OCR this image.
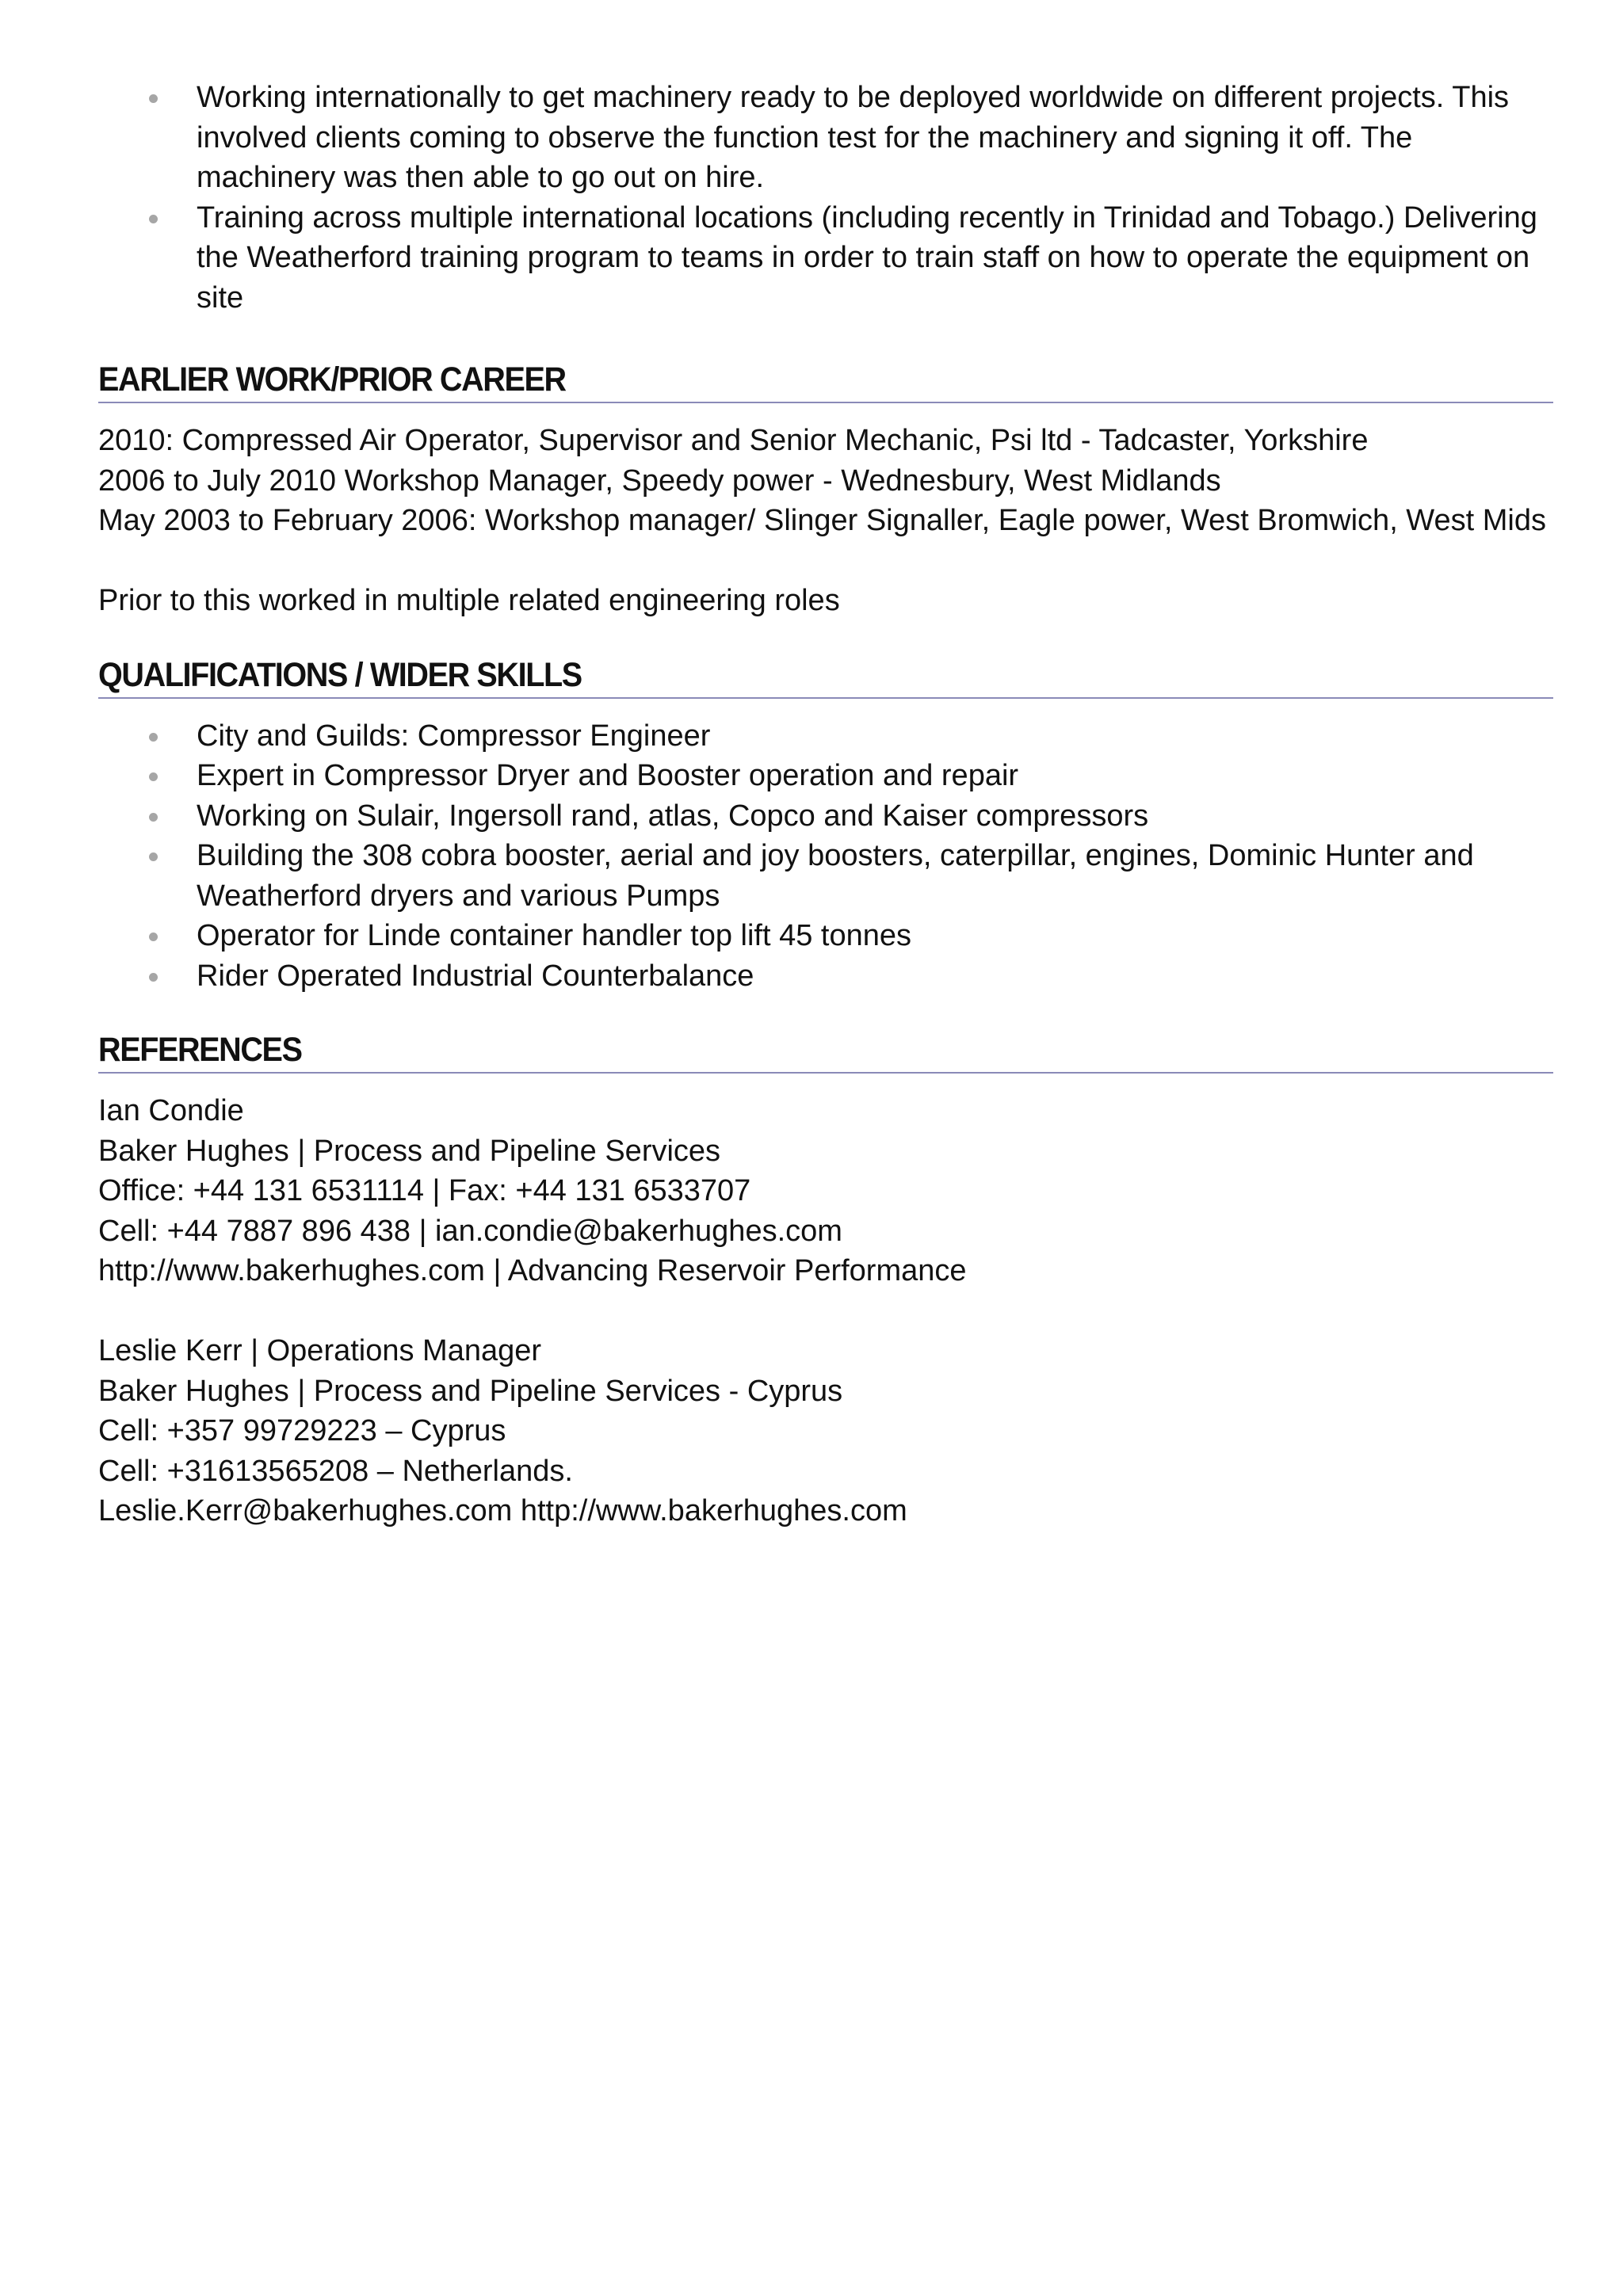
Working internationally to get machinery ready to be deployed worldwide on different projects. This involved clients coming to observe the function test for the machinery and signing it off. The machinery was then able to go out on hire.
Training across multiple international locations (including recently in Trinidad and Tobago.) Delivering the Weatherford training program to teams in order to train staff on how to operate the equipment on site
EARLIER WORK/PRIOR CAREER
2010: Compressed Air Operator, Supervisor and Senior Mechanic, Psi ltd - Tadcaster, Yorkshire
2006 to July 2010 Workshop Manager, Speedy power - Wednesbury, West Midlands
May 2003 to February 2006: Workshop manager/ Slinger Signaller, Eagle power, West Bromwich, West Mids
Prior to this worked in multiple related engineering roles
QUALIFICATIONS / WIDER SKILLS
City and Guilds: Compressor Engineer
Expert in Compressor Dryer and Booster operation and repair
Working on Sulair, Ingersoll rand, atlas, Copco and Kaiser compressors
Building the 308 cobra booster, aerial and joy boosters, caterpillar, engines, Dominic Hunter and Weatherford dryers and various Pumps
Operator for Linde container handler top lift 45 tonnes
Rider Operated Industrial Counterbalance
REFERENCES
Ian Condie
Baker Hughes | Process and Pipeline Services
Office: +44 131 6531114 | Fax: +44 131 6533707
Cell: +44 7887 896 438 | ian.condie@bakerhughes.com
http://www.bakerhughes.com | Advancing Reservoir Performance
Leslie Kerr | Operations Manager
Baker Hughes | Process and Pipeline Services - Cyprus
Cell: +357 99729223 – Cyprus
Cell: +31613565208 – Netherlands.
Leslie.Kerr@bakerhughes.com http://www.bakerhughes.com
